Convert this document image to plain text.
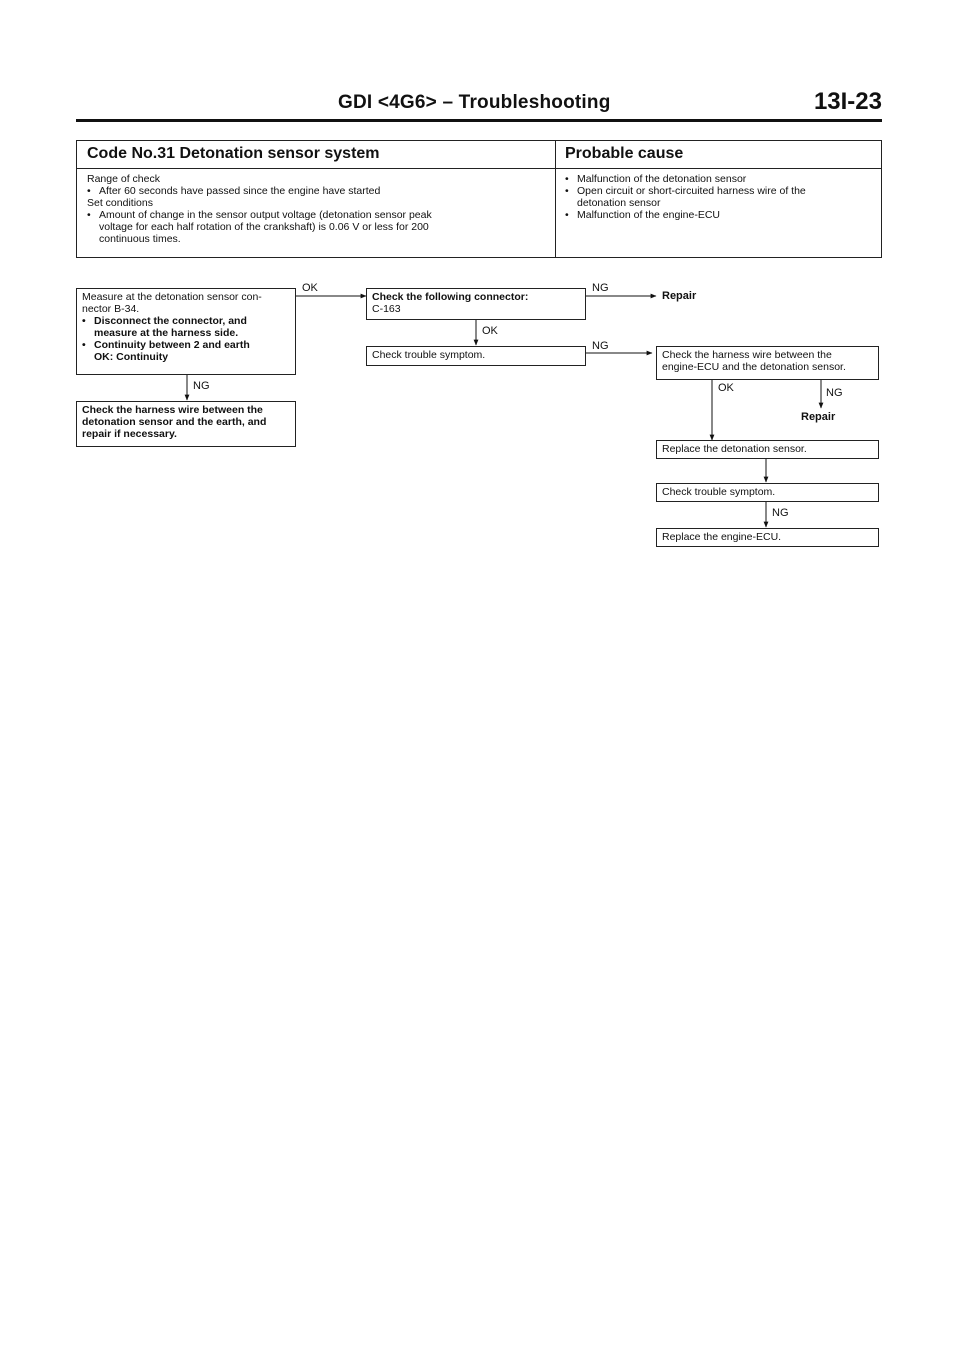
GDI <4G6> – Troubleshooting	13I-23
Code No.31 Detonation sensor system	Probable cause
Range of check
• After 60 seconds have passed since the engine have started
Set conditions
• Amount of change in the sensor output voltage (detonation sensor peak
voltage for each half rotation of the crankshaft) is 0.06 V or less for 200
continuous times.
• Malfunction of the detonation sensor
• Open circuit or short-circuited harness wire of the
detonation sensor
• Malfunction of the engine-ECU
OK
NG
NG
OK
NG
OK	NG
NG
Measure at the detonation sensor con-
nector B-34.
• Disconnect the connector, and
measure at the harness side.
• Continuity between 2 and earth
OK: Continuity
Check the harness wire between the
detonation sensor and the earth, and
repair if necessary.
Check the following connector:
C-163
Check trouble symptom.
Repair
Check the harness wire between the
engine-ECU and the detonation sensor.
Repair
Replace the detonation sensor.
Check trouble symptom.
Replace the engine-ECU.
